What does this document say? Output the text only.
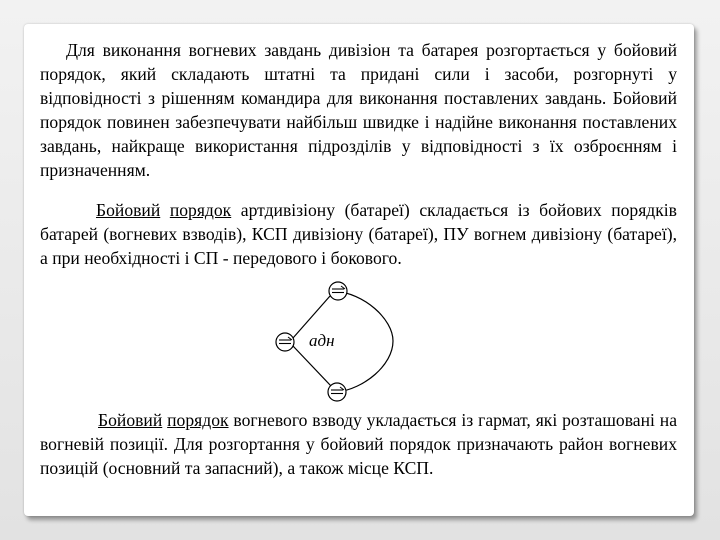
Для виконання вогневих завдань дивізіон та батарея розгортається у бойовий порядок, який складають штатні та придані сили і засоби, розгорнуті у відповідності з рішенням командира для виконання поставлених завдань. Бойовий порядок повинен забезпечувати найбільш швидке і надійне виконання поставлених завдань, найкраще використання підрозділів у відповідності з їх озброєнням і призначенням.

Бойовий порядок артдивізіону (батареї) складається із бойових порядків батарей (вогневих взводів), КСП дивізіону (батареї), ПУ вогнем дивізіону (батареї), а при необхідності і СП - передового і бокового.

адн

Бойовий порядок вогневого взводу укладається із гармат, які розташовані на вогневій позиції. Для розгортання у бойовий порядок призначають район вогневих позицій (основний та запасний), а також місце КСП.
